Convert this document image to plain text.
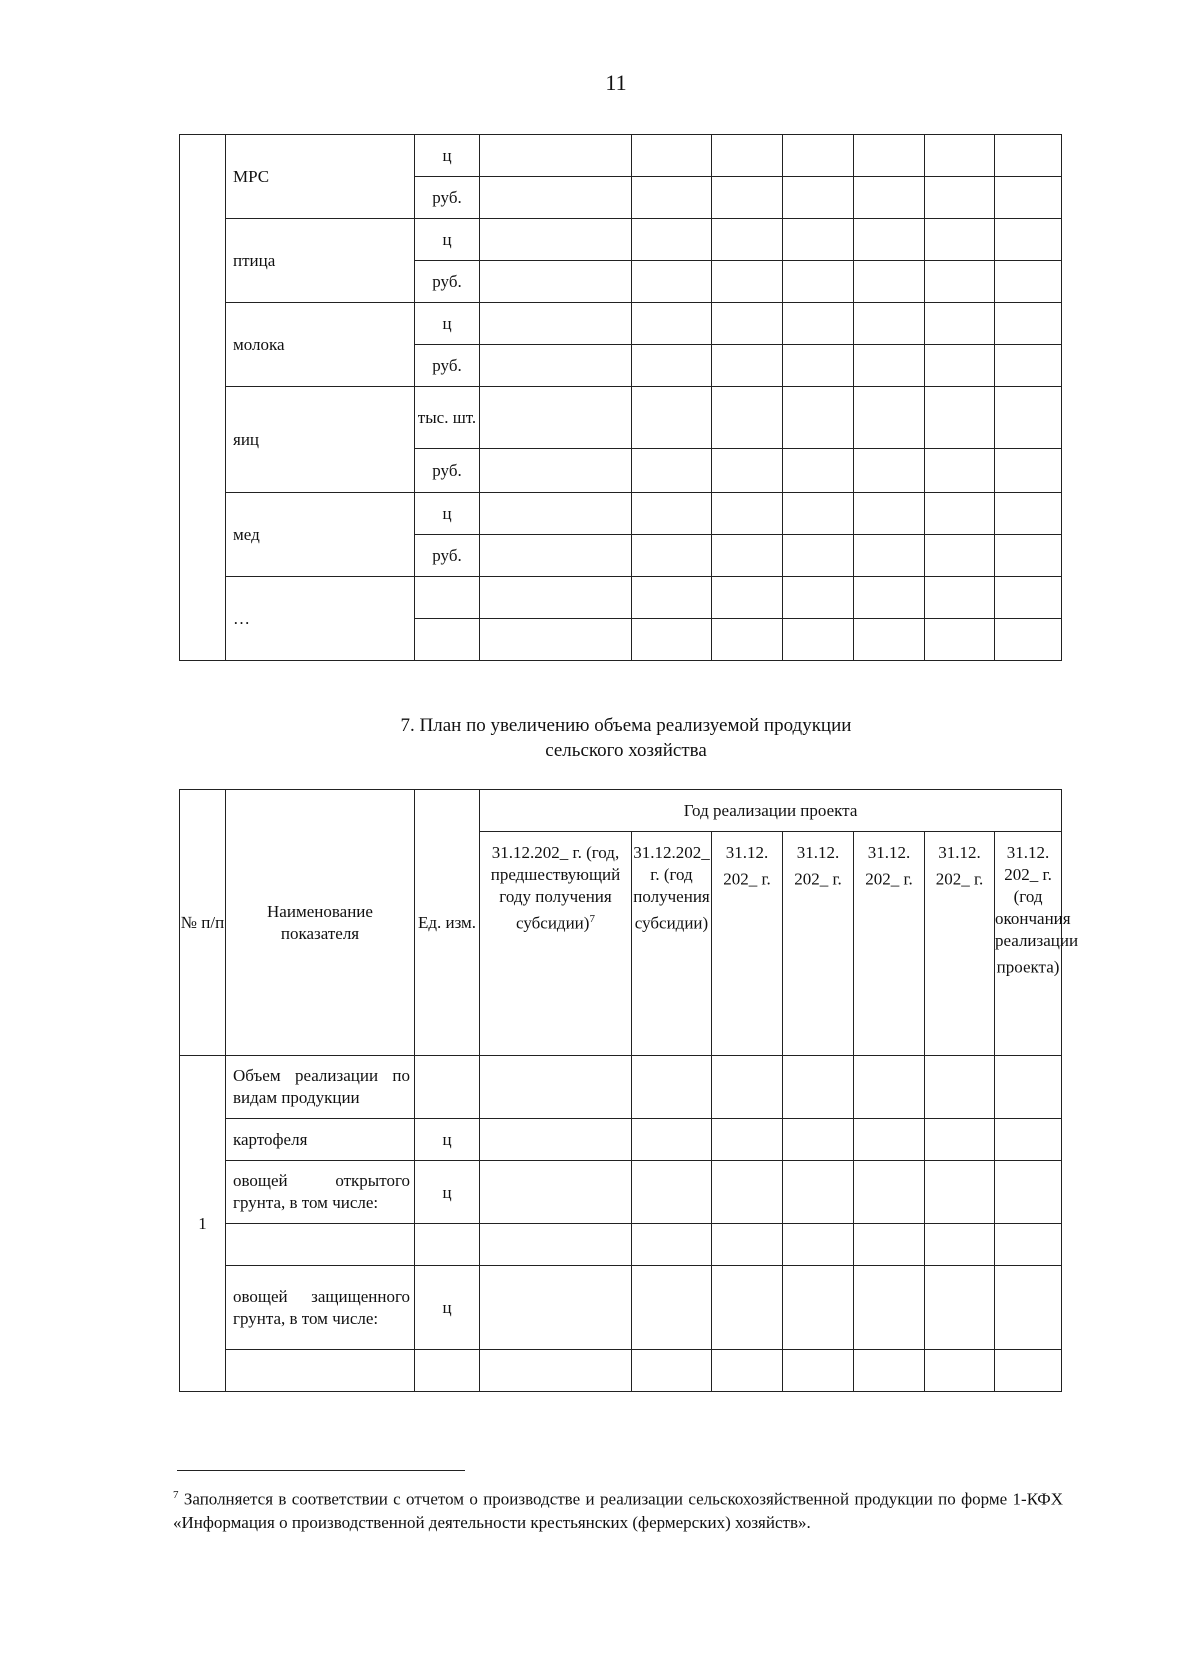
11
	МРС	ц							
		руб.							
	птица	ц							
		руб.							
	молока	ц							
		руб.							
	яиц	тыс. шт.							
		руб.							
	мед	ц							
		руб.							
	…								

7. План по увеличению объема реализуемой продукции
сельского хозяйства
№ п/п	Наименование показателя	Ед. изм.	Год реализации проекта						
			31.12.202_ г. (год, предшествующий году получения субсидии)$^7$	31.12.202_ г. (год получения субсидии)	31.12. 202_ г.	31.12. 202_ г.	31.12. 202_ г.	31.12. 202_ г.	31.12. 202_ г. (год окончания реализации проекта)
1	Объем реализации по видам продукции								
	картофеля	ц							
	овощей открытого грунта, в том числе:	ц							

	овощей защищенного грунта, в том числе:	ц							

$^7$ Заполняется в соответствии с отчетом о производстве и реализации сельскохозяйственной продукции по форме 1-КФХ «Информация о производственной деятельности крестьянских (фермерских) хозяйств».
